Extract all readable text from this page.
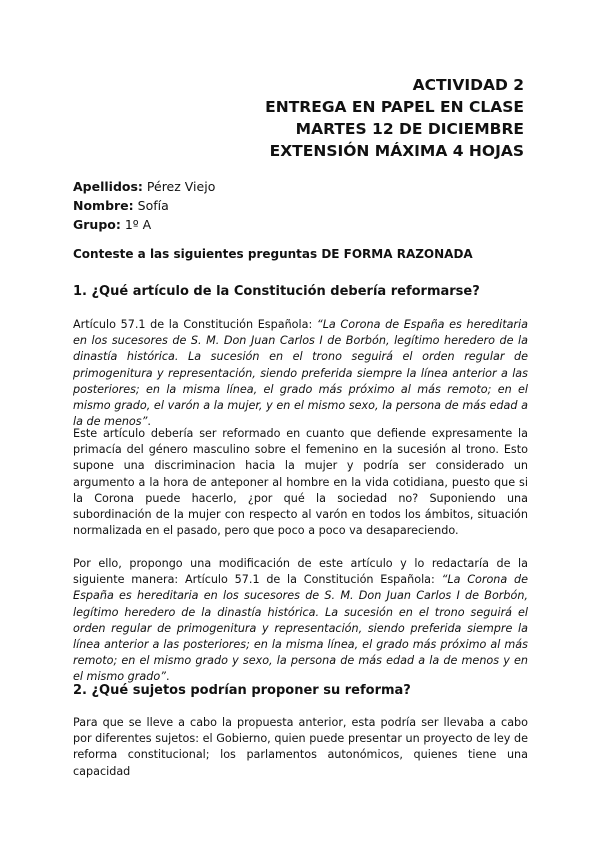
ACTIVIDAD 2
ENTREGA EN PAPEL EN CLASE
MARTES 12 DE DICIEMBRE
EXTENSIÓN MÁXIMA 4 HOJAS
Apellidos: Pérez Viejo
Nombre: Sofía
Grupo: 1º A
Conteste a las siguientes preguntas DE FORMA RAZONADA
1. ¿Qué artículo de la Constitución debería reformarse?
Artículo 57.1 de la Constitución Española: “La Corona de España es hereditaria en los sucesores de S. M. Don Juan Carlos I de Borbón, legítimo heredero de la dinastía histórica. La sucesión en el trono seguirá el orden regular de primogenitura y representación, siendo preferida siempre la línea anterior a las posteriores; en la misma línea, el grado más próximo al más remoto; en el mismo grado, el varón a la mujer, y en el mismo sexo, la persona de más edad a la de menos”.
Este artículo debería ser reformado en cuanto que defiende expresamente la primacía del género masculino sobre el femenino en la sucesión al trono. Esto supone una discriminacion hacia la mujer y podría ser considerado un argumento a la hora de anteponer al hombre en la vida cotidiana, puesto que si la Corona puede hacerlo, ¿por qué la sociedad no? Suponiendo una subordinación de la mujer con respecto al varón en todos los ámbitos, situación normalizada en el pasado, pero que poco a poco va desapareciendo.
Por ello, propongo una modificación de este artículo y lo redactaría de la siguiente manera: Artículo 57.1 de la Constitución Española: “La Corona de España es hereditaria en los sucesores de S. M. Don Juan Carlos I de Borbón, legítimo heredero de la dinastía histórica. La sucesión en el trono seguirá el orden regular de primogenitura y representación, siendo preferida siempre la línea anterior a las posteriores; en la misma línea, el grado más próximo al más remoto; en el mismo grado y sexo, la persona de más edad a la de menos y en el mismo grado”.
2. ¿Qué sujetos podrían proponer su reforma?
Para que se lleve a cabo la propuesta anterior, esta podría ser llevaba a cabo por diferentes sujetos: el Gobierno, quien puede presentar un proyecto de ley de reforma constitucional; los parlamentos autonómicos, quienes tiene una capacidad
